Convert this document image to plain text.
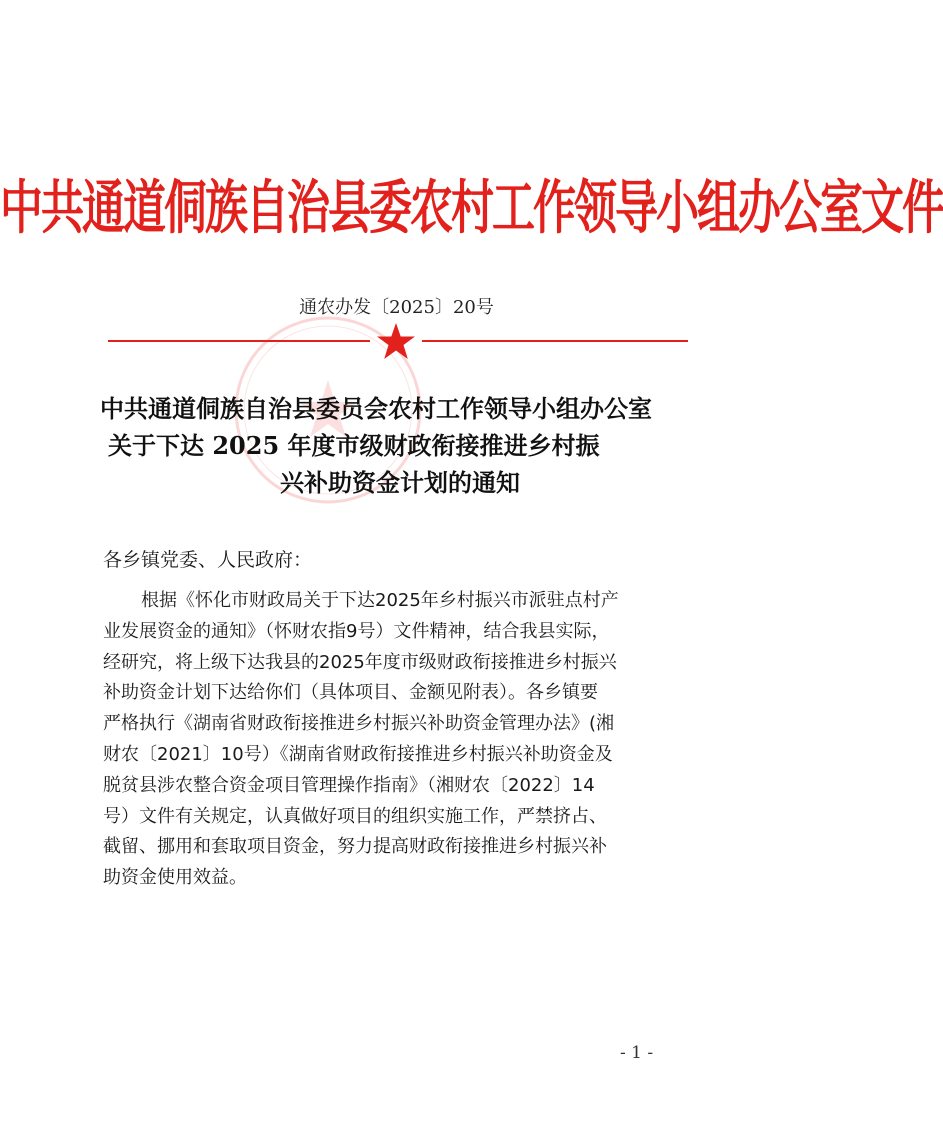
中共通道侗族自治县委农村工作领导小组办公室文件
通农办发〔2025〕20号
中共通道侗族自治县委员会农村工作领导小组办公室
关于下达 2025 年度市级财政衔接推进乡村振
兴补助资金计划的通知
各乡镇党委、人民政府：
根据《怀化市财政局关于下达2025年乡村振兴市派驻点村产
业发展资金的通知》（怀财农指9号）文件精神，结合我县实际，
经研究，将上级下达我县的2025年度市级财政衔接推进乡村振兴
补助资金计划下达给你们（具体项目、金额见附表）。各乡镇要
严格执行《湖南省财政衔接推进乡村振兴补助资金管理办法》(湘
财农〔2021〕10号）《湖南省财政衔接推进乡村振兴补助资金及
脱贫县涉农整合资金项目管理操作指南》（湘财农〔2022〕14
号）文件有关规定，认真做好项目的组织实施工作，严禁挤占、
截留、挪用和套取项目资金，努力提高财政衔接推进乡村振兴补
助资金使用效益。
- 1 -
